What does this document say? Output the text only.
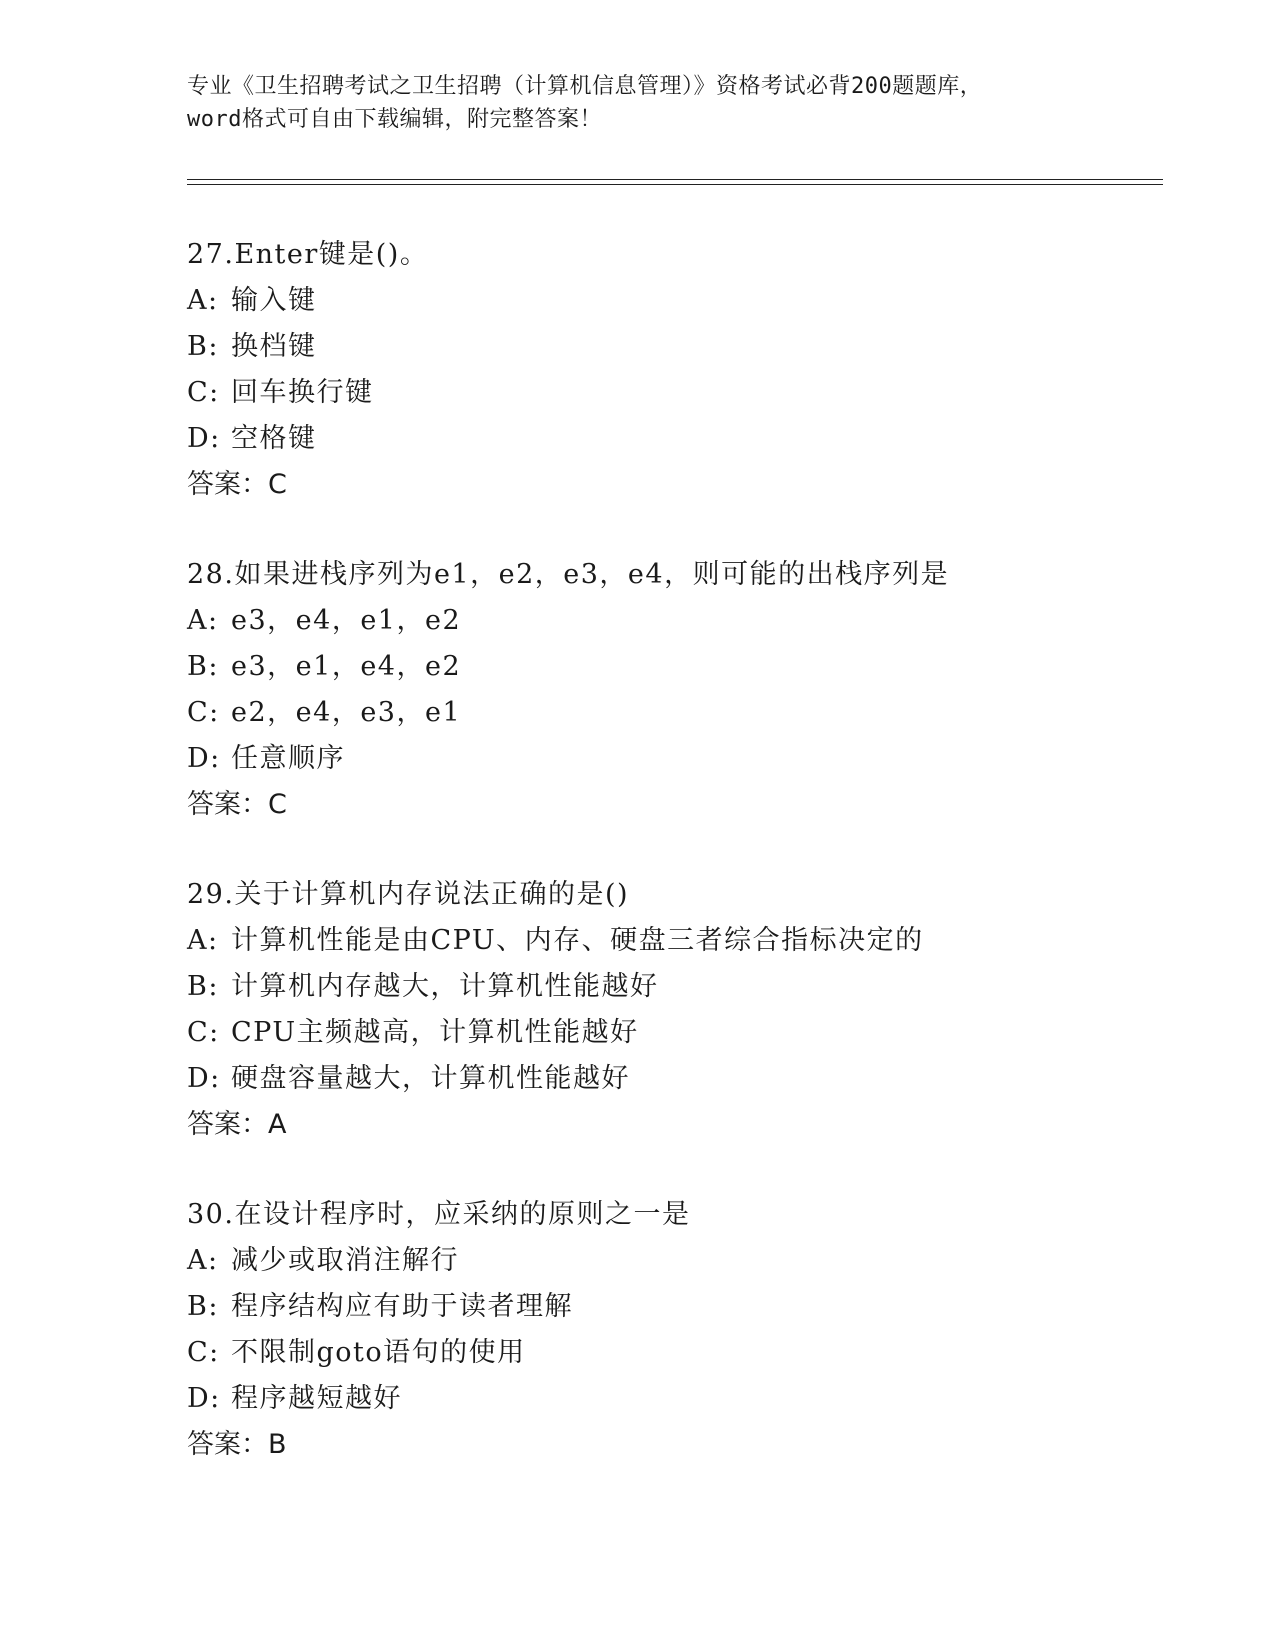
专业《卫生招聘考试之卫生招聘（计算机信息管理）》资格考试必背200题题库，
word格式可自由下载编辑，附完整答案！
27.Enter键是()。
A: 输入键
B: 换档键
C: 回车换行键
D: 空格键
答案：C
28.如果进栈序列为e1，e2，e3，e4，则可能的出栈序列是
A: e3，e4，e1，e2
B: e3，e1，e4，e2
C: e2，e4，e3，e1
D: 任意顺序
答案：C
29.关于计算机内存说法正确的是()
A: 计算机性能是由CPU、内存、硬盘三者综合指标决定的
B: 计算机内存越大，计算机性能越好
C: CPU主频越高，计算机性能越好
D: 硬盘容量越大，计算机性能越好
答案：A
30.在设计程序时，应采纳的原则之一是
A: 减少或取消注解行
B: 程序结构应有助于读者理解
C: 不限制goto语句的使用
D: 程序越短越好
答案：B
